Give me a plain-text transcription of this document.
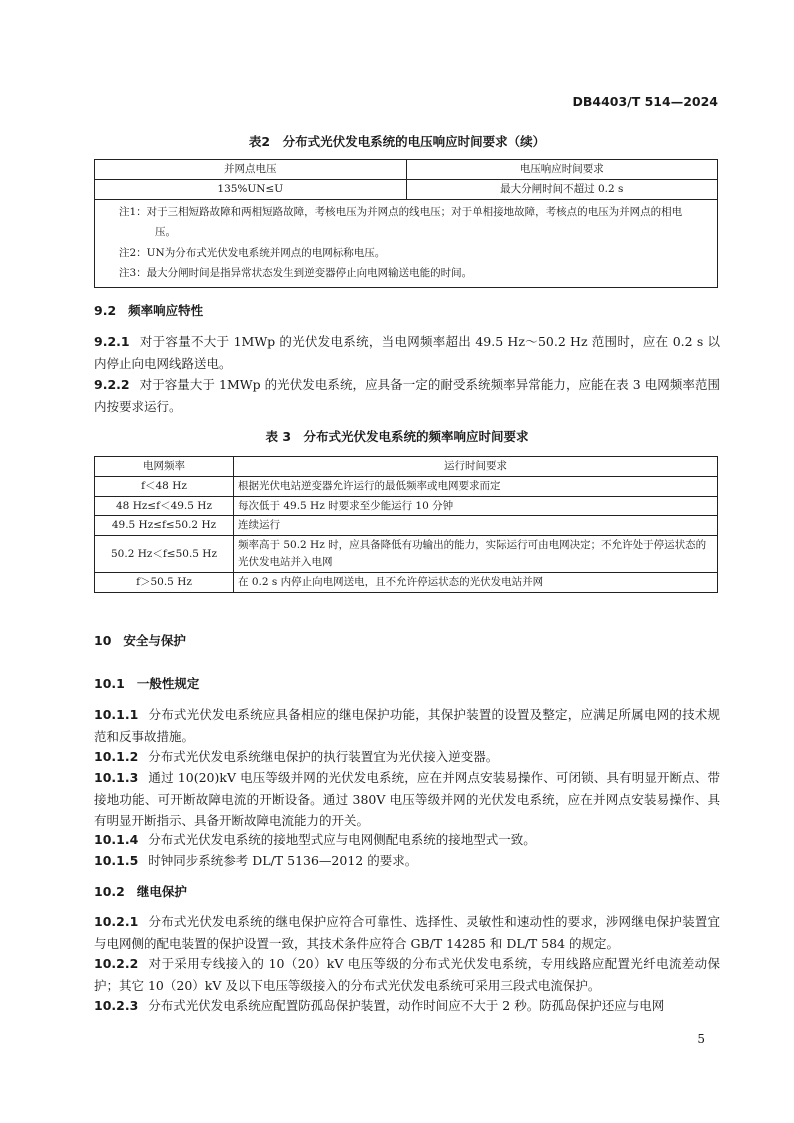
DB4403/T 514—2024
表2　分布式光伏发电系统的电压响应时间要求（续）
并网点电压	电压响应时间要求
135%UN≤U	最大分闸时间不超过 0.2 s

注1：对于三相短路故障和两相短路故障，考核电压为并网点的线电压；对于单相接地故障，考核点的电压为并网点的相电压。
注2：UN为分布式光伏发电系统并网点的电网标称电压。
注3：最大分闸时间是指异常状态发生到逆变器停止向电网输送电能的时间。	
9.2 频率响应特性
9.2.1 对于容量不大于 1MWp 的光伏发电系统，当电网频率超出 49.5 Hz～50.2 Hz 范围时，应在 0.2 s 以内停止向电网线路送电。
9.2.2 对于容量大于 1MWp 的光伏发电系统，应具备一定的耐受系统频率异常能力，应能在表 3 电网频率范围内按要求运行。
表 3　分布式光伏发电系统的频率响应时间要求
电网频率	运行时间要求
f＜48 Hz	根据光伏电站逆变器允许运行的最低频率或电网要求而定
48 Hz≤f＜49.5 Hz	每次低于 49.5 Hz 时要求至少能运行 10 分钟
49.5 Hz≤f≤50.2 Hz	连续运行
50.2 Hz＜f≤50.5 Hz	频率高于 50.2 Hz 时，应具备降低有功输出的能力，实际运行可由电网决定；不允许处于停运状态的光伏发电站并入电网
f＞50.5 Hz	在 0.2 s 内停止向电网送电，且不允许停运状态的光伏发电站并网
10 安全与保护
10.1 一般性规定
10.1.1 分布式光伏发电系统应具备相应的继电保护功能，其保护装置的设置及整定，应满足所属电网的技术规范和反事故措施。
10.1.2 分布式光伏发电系统继电保护的执行装置宜为光伏接入逆变器。
10.1.3 通过 10(20)kV 电压等级并网的光伏发电系统，应在并网点安装易操作、可闭锁、具有明显开断点、带接地功能、可开断故障电流的开断设备。通过 380V 电压等级并网的光伏发电系统，应在并网点安装易操作、具有明显开断指示、具备开断故障电流能力的开关。
10.1.4 分布式光伏发电系统的接地型式应与电网侧配电系统的接地型式一致。
10.1.5 时钟同步系统参考 DL/T 5136—2012 的要求。
10.2 继电保护
10.2.1 分布式光伏发电系统的继电保护应符合可靠性、选择性、灵敏性和速动性的要求，涉网继电保护装置宜与电网侧的配电装置的保护设置一致，其技术条件应符合 GB/T 14285 和 DL/T 584 的规定。
10.2.2 对于采用专线接入的 10（20）kV 电压等级的分布式光伏发电系统，专用线路应配置光纤电流差动保护；其它 10（20）kV 及以下电压等级接入的分布式光伏发电系统可采用三段式电流保护。
10.2.3 分布式光伏发电系统应配置防孤岛保护装置，动作时间应不大于 2 秒。防孤岛保护还应与电网
5
